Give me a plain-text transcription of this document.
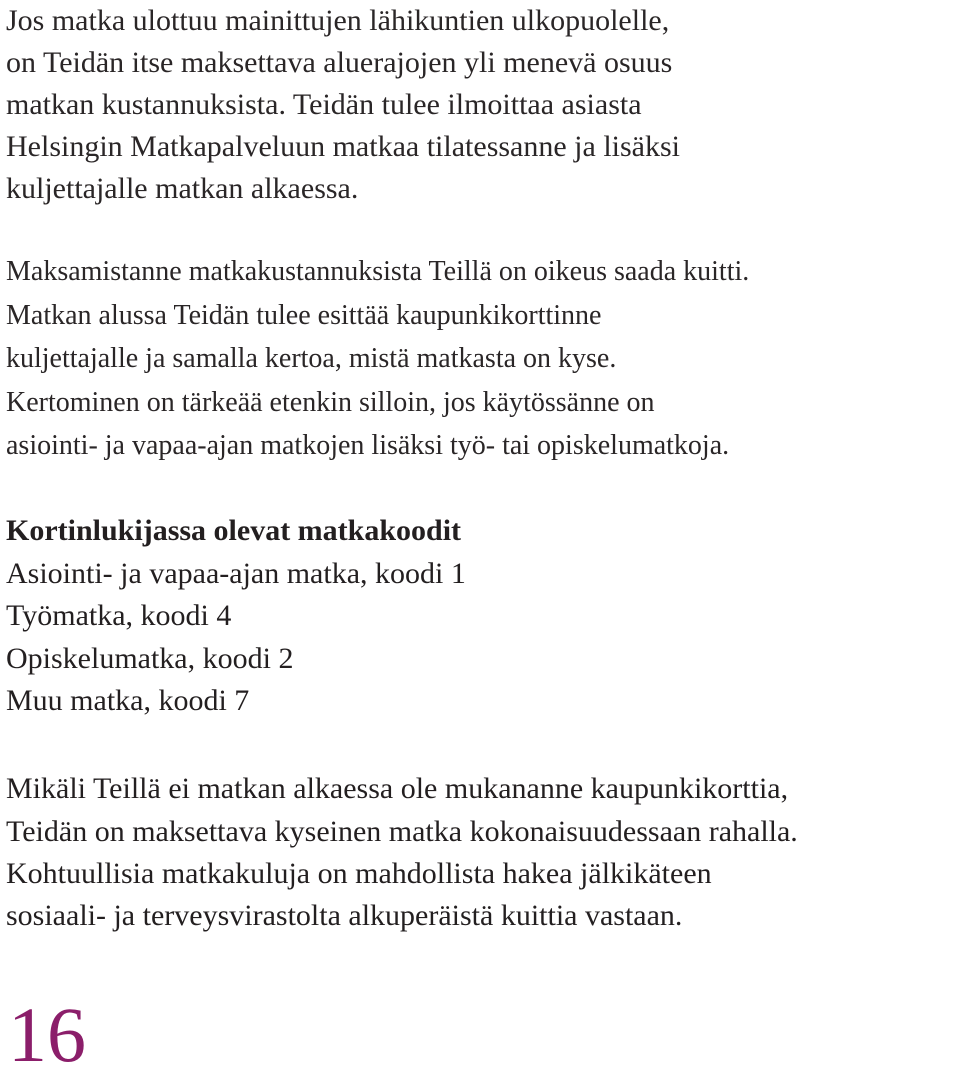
Jos matka ulottuu mainittujen lähikuntien ulkopuolelle,

on Teidän itse maksettava aluerajojen yli menevä osuus

matkan kustannuksista. Teidän tulee ilmoittaa asiasta

Helsingin Matkapalveluun matkaa tilatessanne ja lisäksi

kuljettajalle matkan alkaessa.

Maksamistanne matkakustannuksista Teillä on oikeus saada kuitti.

Matkan alussa Teidän tulee esittää kaupunkikorttinne

kuljettajalle ja samalla kertoa, mistä matkasta on kyse.

Kertominen on tärkeää etenkin silloin, jos käytössänne on

asiointi- ja vapaa-ajan matkojen lisäksi työ- tai opiskelumatkoja.

Kortinlukijassa olevat matkakoodit

Asiointi- ja vapaa-ajan matka, koodi 1

Työmatka, koodi 4

Opiskelumatka, koodi 2

Muu matka, koodi 7

Mikäli Teillä ei matkan alkaessa ole mukananne kaupunkikorttia,

Teidän on maksettava kyseinen matka kokonaisuudessaan rahalla.

Kohtuullisia matkakuluja on mahdollista hakea jälkikäteen

sosiaali- ja terveysvirastolta alkuperäistä kuittia vastaan.

16
